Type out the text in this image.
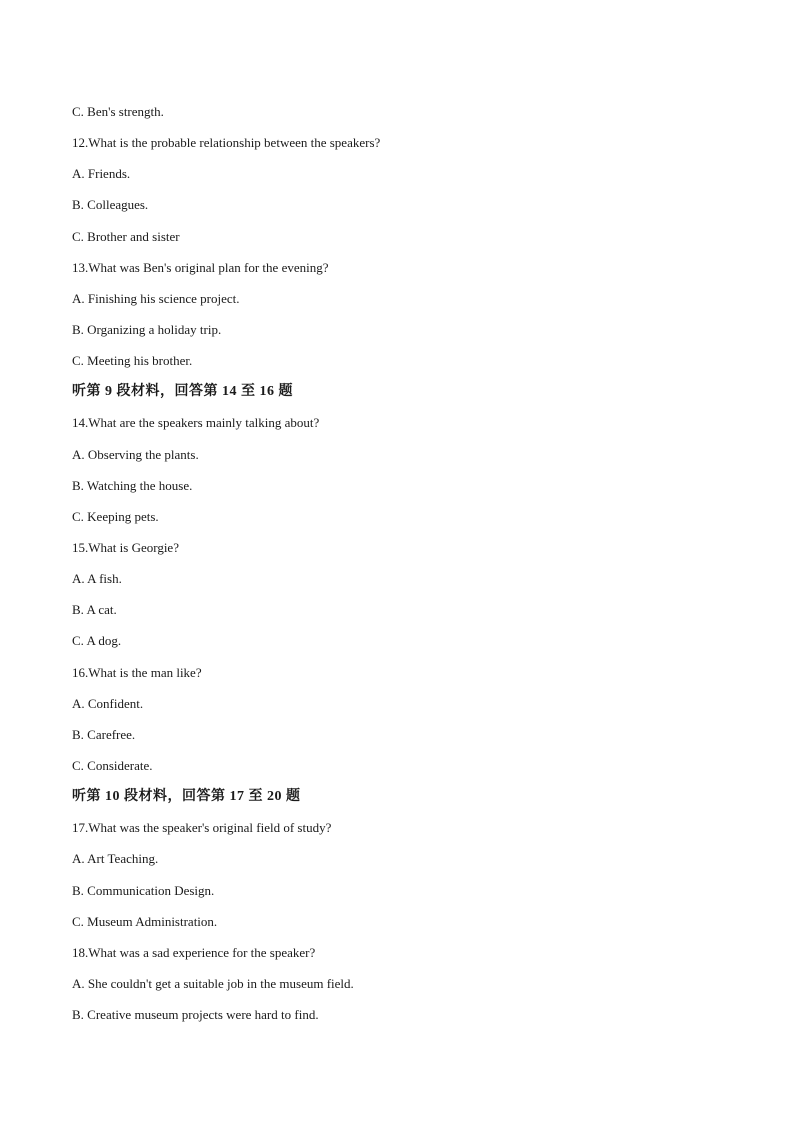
C. Ben's strength.
12.What is the probable relationship between the speakers?
A. Friends.
B. Colleagues.
C. Brother and sister
13.What was Ben's original plan for the evening?
A. Finishing his science project.
B. Organizing a holiday trip.
C. Meeting his brother.
听第 9 段材料，回答第 14 至 16 题
14.What are the speakers mainly talking about?
A. Observing the plants.
B. Watching the house.
C. Keeping pets.
15.What is Georgie?
A. A fish.
B. A cat.
C. A dog.
16.What is the man like?
A. Confident.
B. Carefree.
C. Considerate.
听第 10 段材料，回答第 17 至 20 题
17.What was the speaker's original field of study?
A. Art Teaching.
B. Communication Design.
C. Museum Administration.
18.What was a sad experience for the speaker?
A. She couldn't get a suitable job in the museum field.
B. Creative museum projects were hard to find.
